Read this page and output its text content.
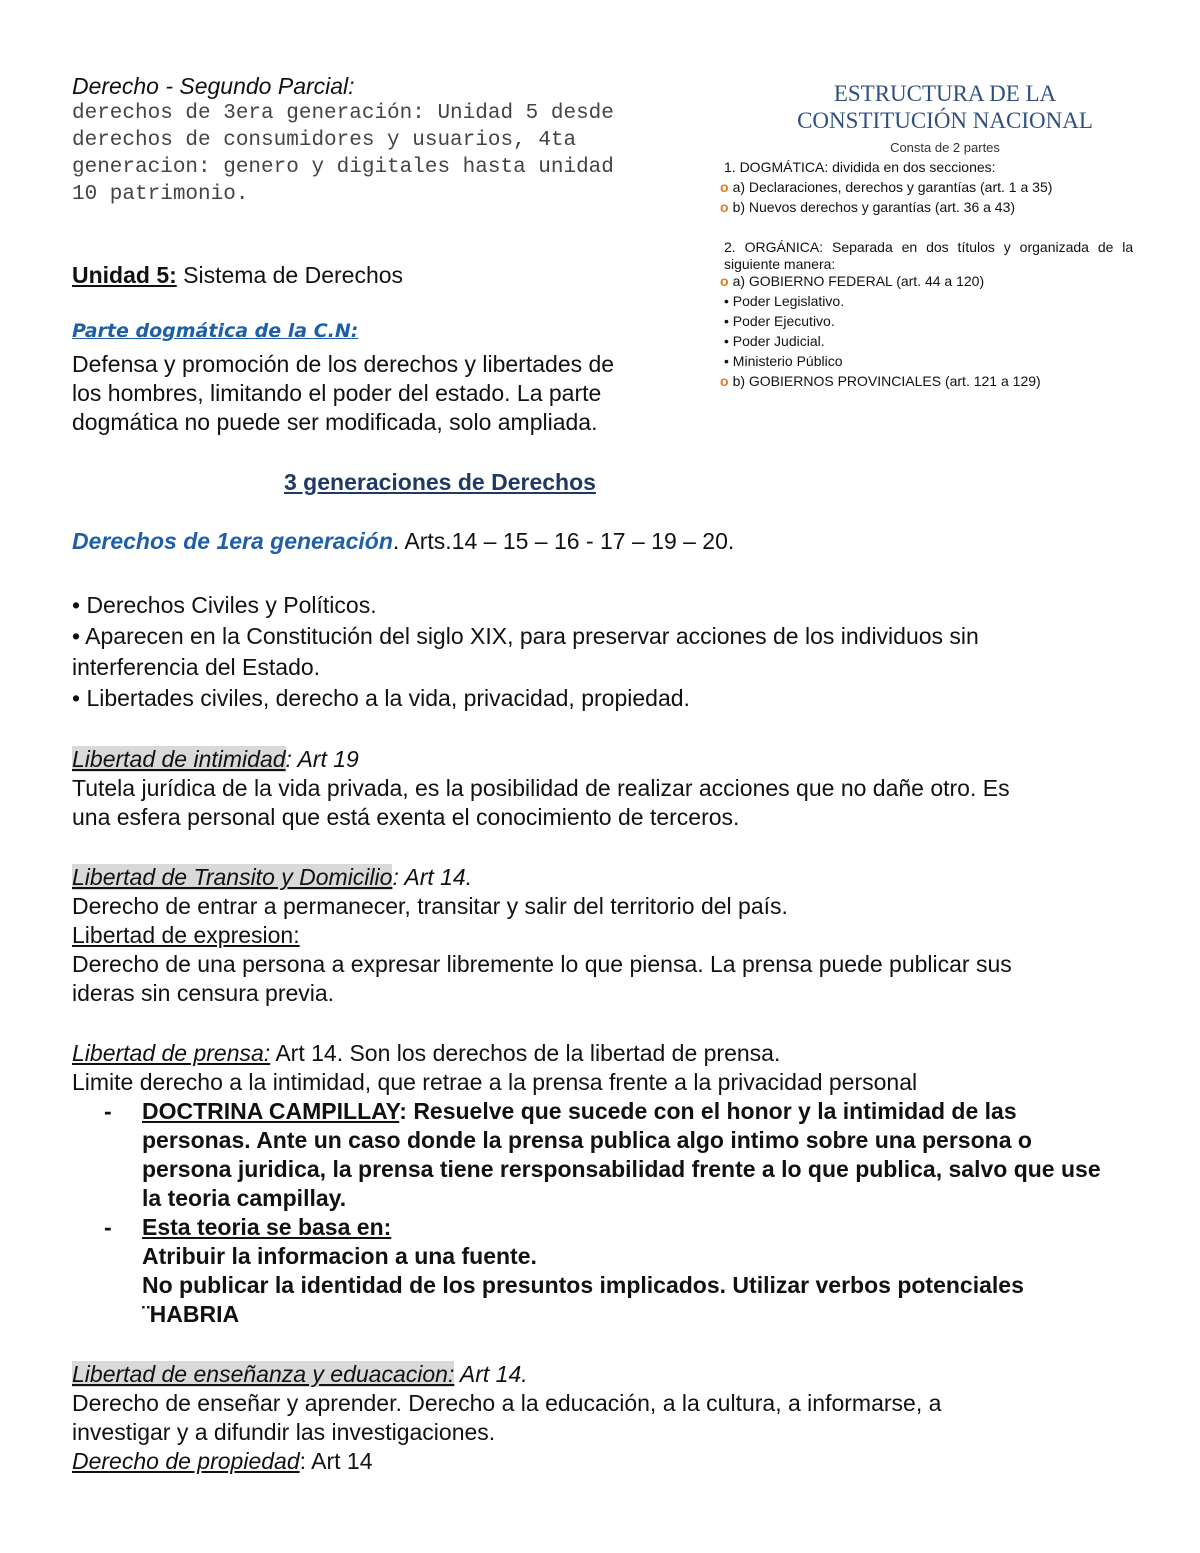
Derecho - Segundo Parcial:
derechos de 3era generación: Unidad 5 desde
derechos de consumidores y usuarios, 4ta
generacion: genero y digitales hasta unidad
10 patrimonio.
ESTRUCTURA DE LA
CONSTITUCIÓN NACIONAL
Consta de 2 partes
1. DOGMÁTICA: dividida en dos secciones:
o a) Declaraciones, derechos y garantías (art. 1 a 35)
o b) Nuevos derechos y garantías (art. 36 a 43)
2. ORGÁNICA: Separada en dos títulos y organizada de la
siguiente manera:
o a) GOBIERNO FEDERAL (art. 44 a 120)
• Poder Legislativo.
• Poder Ejecutivo.
• Poder Judicial.
• Ministerio Público
o b) GOBIERNOS PROVINCIALES (art. 121 a 129)
Unidad 5: Sistema de Derechos
Parte dogmática de la C.N:
Defensa y promoción de los derechos y libertades de
los hombres, limitando el poder del estado. La parte
dogmática no puede ser modificada, solo ampliada.
3 generaciones de Derechos
Derechos de 1era generación. Arts.14 – 15 – 16 - 17 – 19 – 20.
• Derechos Civiles y Políticos.
• Aparecen en la Constitución del siglo XIX, para preservar acciones de los individuos sin
interferencia del Estado.
• Libertades civiles, derecho a la vida, privacidad, propiedad.
Libertad de intimidad: Art 19
Tutela jurídica de la vida privada, es la posibilidad de realizar acciones que no dañe otro. Es
una esfera personal que está exenta el conocimiento de terceros.
Libertad de Transito y Domicilio: Art 14.
Derecho de entrar a permanecer, transitar y salir del territorio del país.
Libertad de expresion:
Derecho de una persona a expresar libremente lo que piensa. La prensa puede publicar sus
ideras sin censura previa.
Libertad de prensa: Art 14. Son los derechos de la libertad de prensa.
Limite derecho a la intimidad, que retrae a la prensa frente a la privacidad personal
- DOCTRINA CAMPILLAY: Resuelve que sucede con el honor y la intimidad de las
personas. Ante un caso donde la prensa publica algo intimo sobre una persona o
persona juridica, la prensa tiene rersponsabilidad frente a lo que publica, salvo que use
la teoria campillay.
- Esta teoria se basa en:
Atribuir la informacion a una fuente.
No publicar la identidad de los presuntos implicados. Utilizar verbos potenciales
¨HABRIA
Libertad de enseñanza y eduacacion: Art 14.
Derecho de enseñar y aprender. Derecho a la educación, a la cultura, a informarse, a
investigar y a difundir las investigaciones.
Derecho de propiedad: Art 14
